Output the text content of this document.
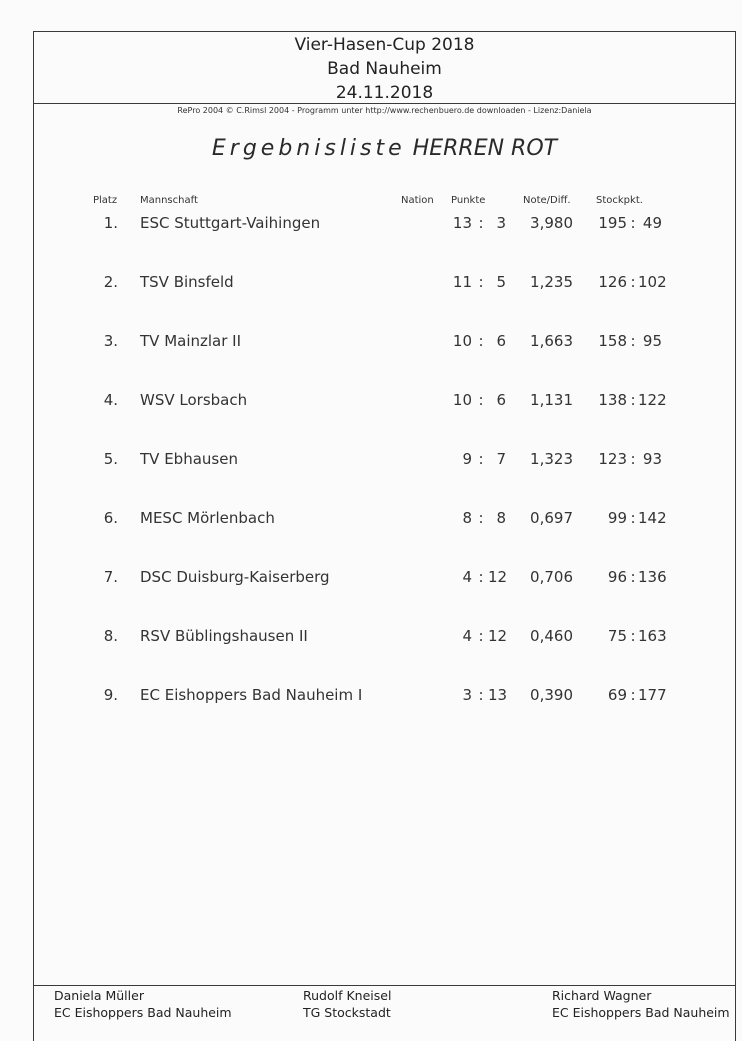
Vier-Hasen-Cup 2018
Bad Nauheim
24.11.2018
RePro 2004 © C.Rimsl 2004 - Programm unter http://www.rechenbuero.de downloaden - Lizenz:Daniela
Ergebnisliste HERREN ROT
Platz Mannschaft	Nation Punkte	Note/Diff.	Stockpkt.
1. ESC Stuttgart-Vaihingen	13 : 3	3,980	195 : 49
2. TSV Binsfeld	11 : 5	1,235	126 : 102
3. TV Mainzlar II	10 : 6	1,663	158 : 95
4. WSV Lorsbach	10 : 6	1,131	138 : 122
5. TV Ebhausen	9 : 7	1,323	123 : 93
6. MESC Mörlenbach	8 : 8	0,697	99 : 142
7. DSC Duisburg-Kaiserberg	4 : 12	0,706	96 : 136
8. RSV Büblingshausen II	4 : 12	0,460	75 : 163
9. EC Eishoppers Bad Nauheim I	3 : 13	0,390	69 : 177
Daniela Müller
EC Eishoppers Bad Nauheim
Rudolf Kneisel
TG Stockstadt
Richard Wagner
EC Eishoppers Bad Nauheim
